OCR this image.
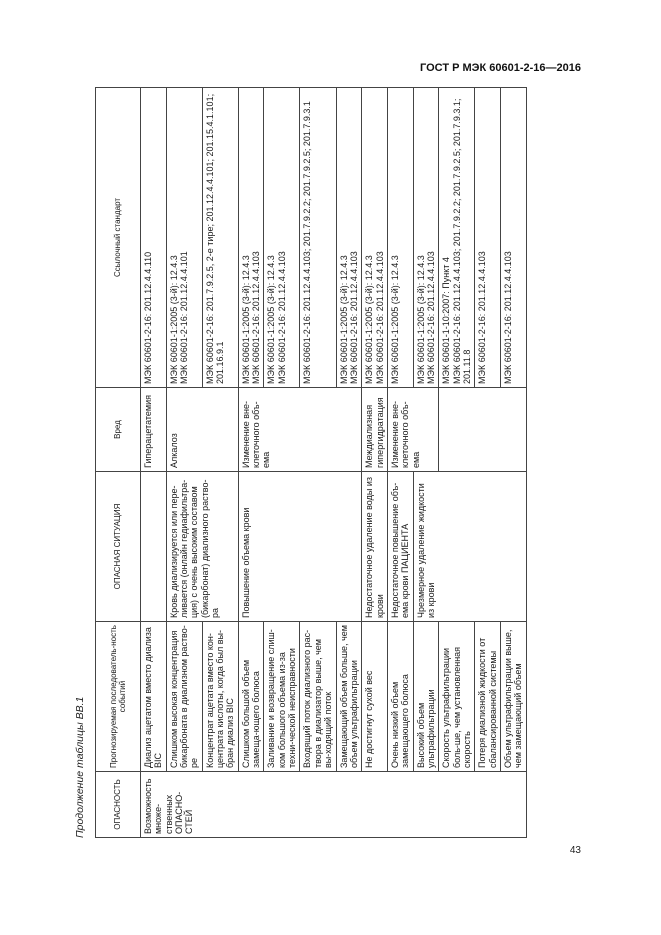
ГОСТ Р МЭК 60601-2-16—2016
Продолжение таблицы ВВ.1	ОПАСНОСТЬ	Прогнозируемая последователь-ность событий	ОПАСНАЯ СИТУАЦИЯ	Вред	Ссылочный стандарт
Возможность множе-ственных ОПАСНО-СТЕЙ	Диализ ацетатом вместо диализа ВIС		Гиперацетатемия	МЭК 60601-2-16: 201.12.4.4.110

	Слишком высокая концентрация бикарбоната в диализном раство-ре	Кровь диализируется или пере-ливается (онлайн гедиафильтра-ция) с очень высоким составом (бикарбонат) диализного раство-ра	Алкалоз	МЭК 60601-1:2005 (3-й): 12.4.3 МЭК 60601-2-16: 201.12.4.4.101

	Концентрат ацетата вместо кон-центрата кислоты, когда был вы-бран диализ BIC			МЭК 60601-2-16: 201.7.9.2.5, 2-е тире; 201.12.4.4.101; 201.15.4.1.101; 201.16.9.1

	Слишком большой объем замеща-ющего болюса	Повышение объема крови	Изменение вне-клеточного объ-ема	МЭК 60601-1:2005 (3-й): 12.4.3 МЭК 60601-2-16: 201.12.4.4.103

	Заливание и возвращение слиш-ком большого объема из-за техни-ческой неисправности			МЭК 60601-1:2005 (3-й): 12.4.3 МЭК 60601-2-16: 201.12.4.4.103

	Входящий поток диализного рас-твора в диализатор выше, чем вы-ходящий поток			МЭК 60601-2-16: 201.12.4.4.103; 201.7.9.2.2; 201.7.9.2.5; 201.7.9.3.1

	Замещающий объем больше, чем объем ультрафильтрации			МЭК 60601-1:2005 (3-й): 12.4.3 МЭК 60601-2-16: 201.12.4.4.103

	Не достигнут сухой вес	Недостаточное удаление воды из крови	Междиализная гипергидратация	МЭК 60601-1:2005 (3-й): 12.4.3 МЭК 60601-2-16: 201.12.4.4.103

	Очень низкий объем замещающего болюса	Недостаточное повышение объ-ема крови ПАЦИЕНТА	Изменение вне-клеточного объ-ема	МЭК 60601-1:2005 (3-й): 12.4.3

	Высокий объем ультрафильтрации	Чрезмерное удаление жидкости из крови		МЭК 60601-1:2005 (3-й): 12.4.3 МЭК 60601-2-16: 201.12.4.4.103

	Скорость ультрафильтрации боль-ше, чем установленная скорость			МЭК 60601-1-10:2007: Пункт 4 МЭК 60601-2-16: 201.12.4.4.103; 201.7.9.2.2; 201.7.9.2.5; 201.7.9.3.1; 201.11.8

	Потеря диализной жидкости от сбалансированной системы			МЭК 60601-2-16: 201.12.4.4.103

	Объем ультрафильтрации выше, чем замещающий объем			МЭК 60601-2-16: 201.12.4.4.103
43
